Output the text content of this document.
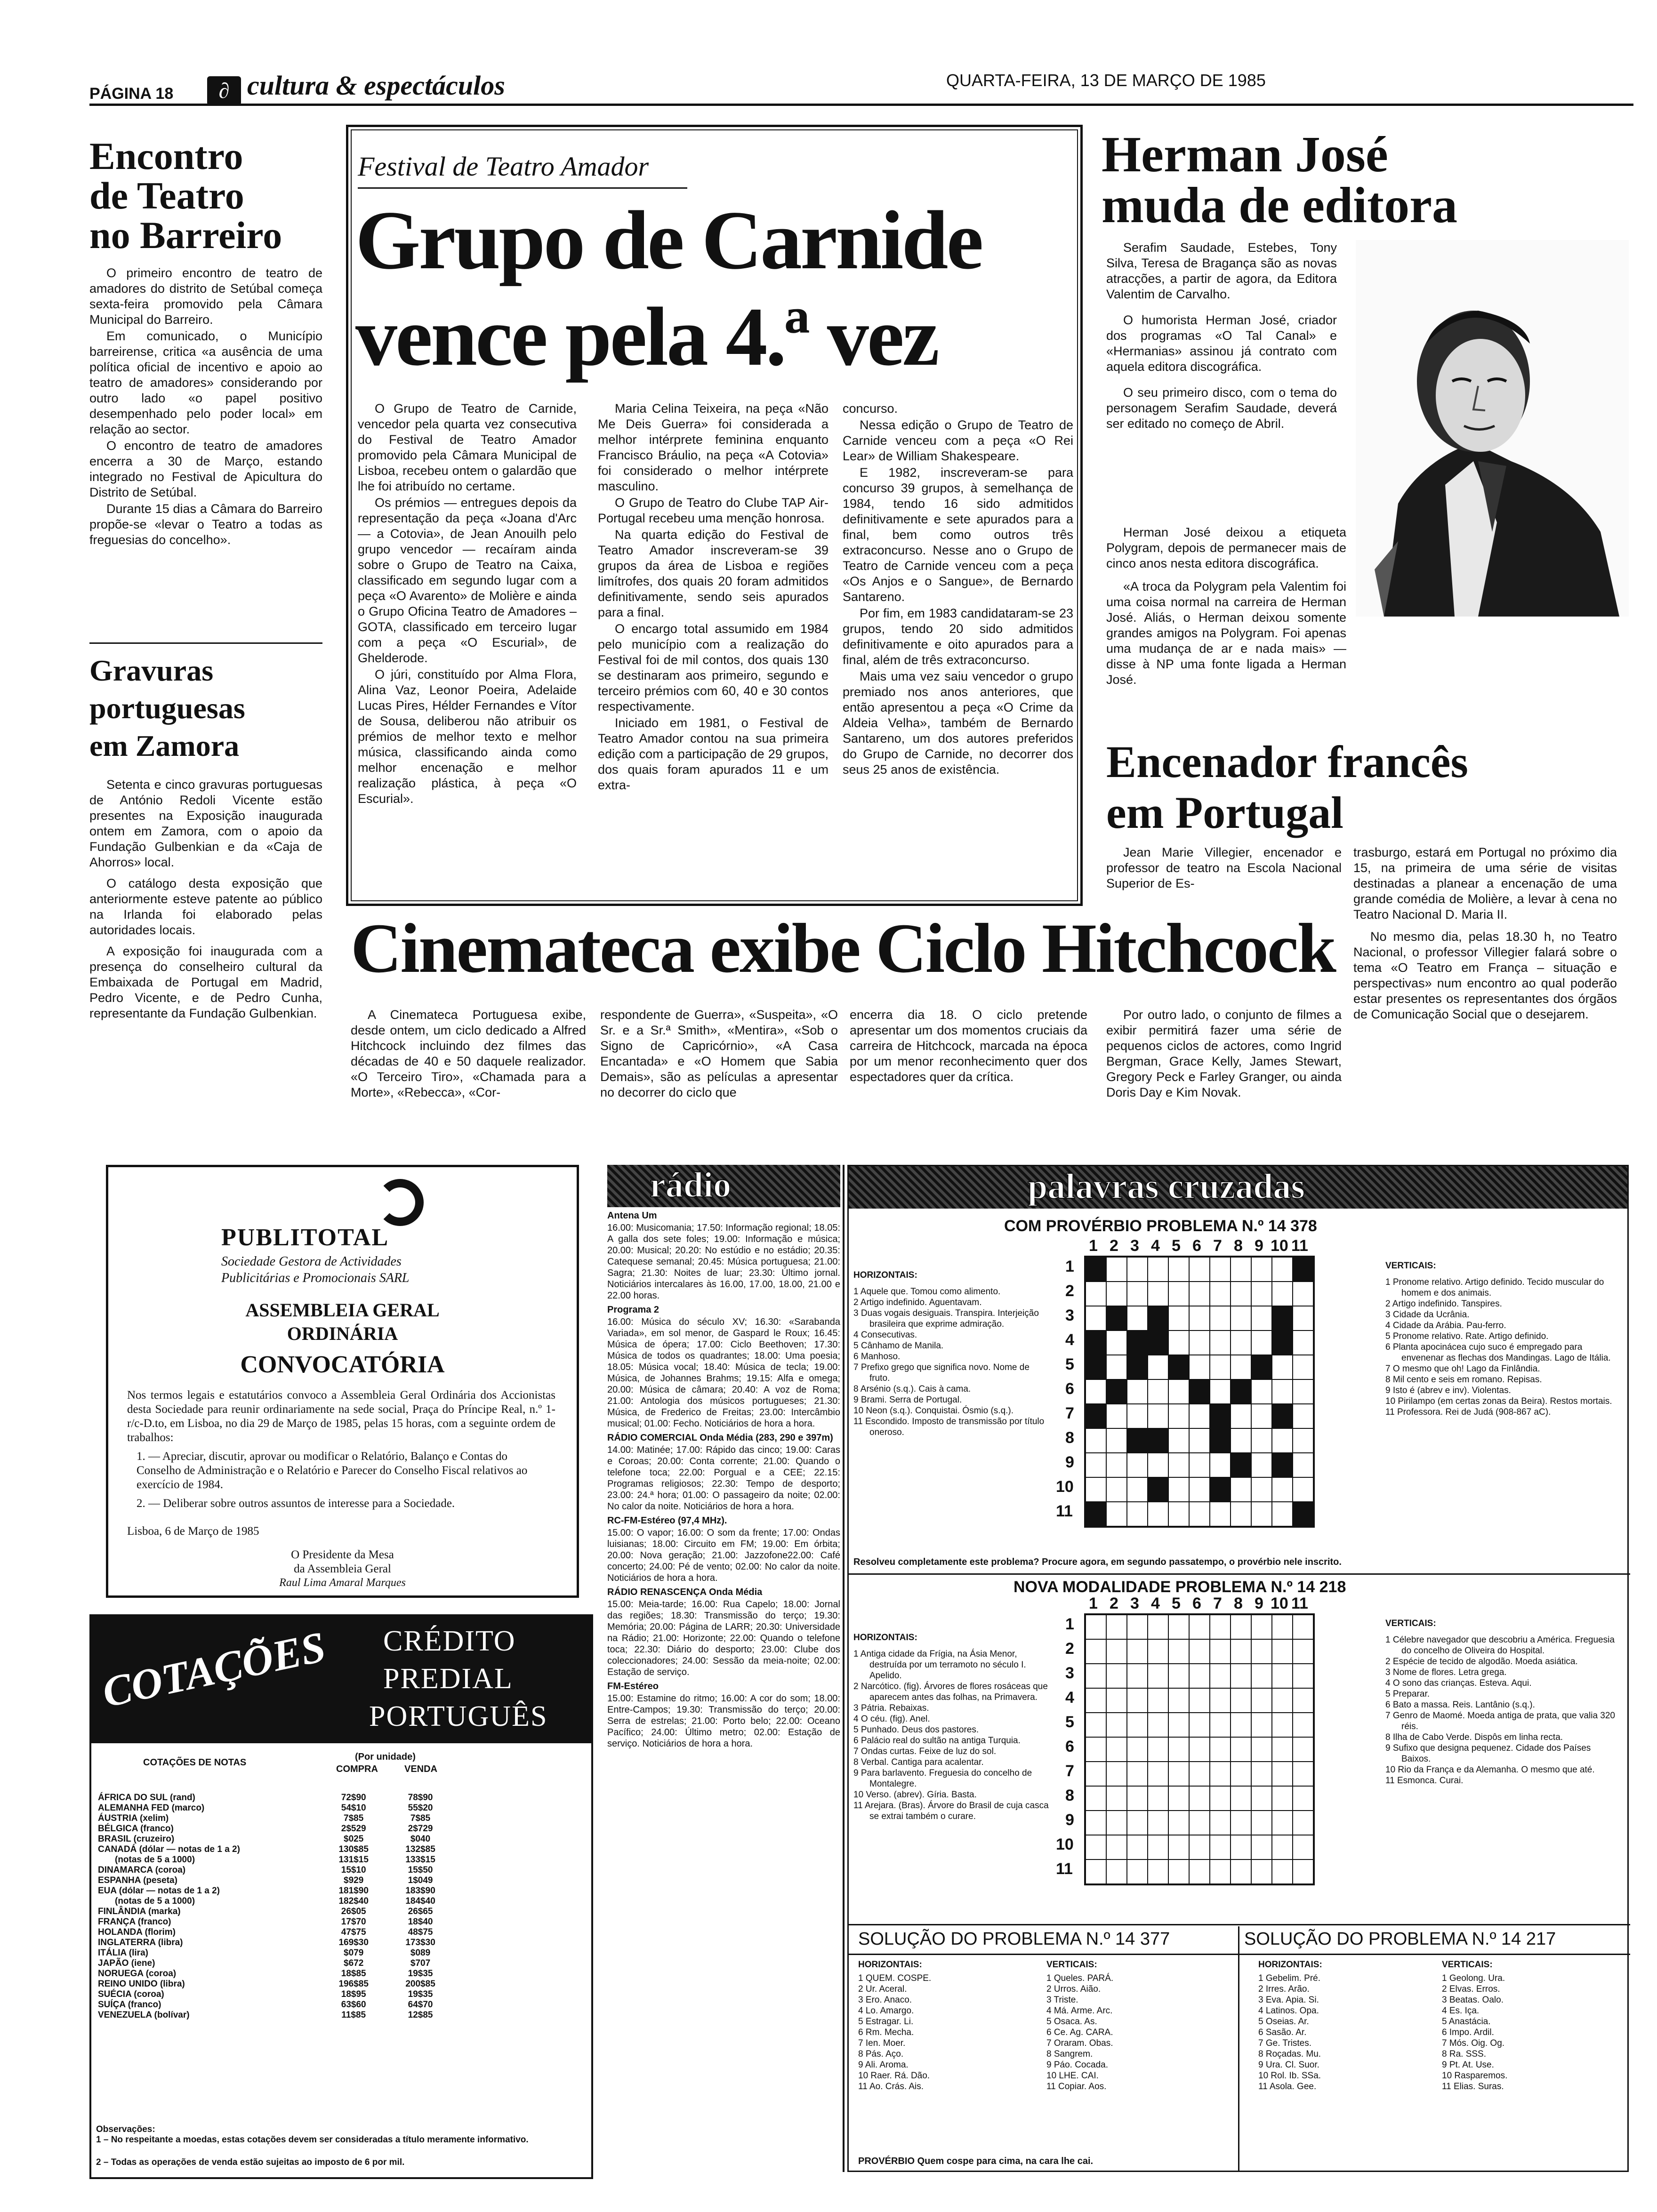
PÁGINA 18	∂ cultura & espectáculos	QUARTA-FEIRA, 13 DE MARÇO DE 1985
Encontro
de Teatro
no Barreiro

O primeiro encontro de teatro de amadores do distrito de Setúbal começa sexta-feira promovido pela Câmara Municipal do Barreiro.

Em comunicado, o Município barreirense, critica «a ausência de uma política oficial de incentivo e apoio ao teatro de amadores» considerando por outro lado «o papel positivo desempenhado pelo poder local» em relação ao sector.

O encontro de teatro de amadores encerra a 30 de Março, estando integrado no Festival de Apicultura do Distrito de Setúbal.

Durante 15 dias a Câmara do Barreiro propõe-se «levar o Teatro a todas as freguesias do concelho».

Gravuras
portuguesas
em Zamora

Setenta e cinco gravuras portuguesas de António Redoli Vicente estão presentes na Exposição inaugurada ontem em Zamora, com o apoio da Fundação Gulbenkian e da «Caja de Ahorros» local.

O catálogo desta exposição que anteriormente esteve patente ao público na Irlanda foi elaborado pelas autoridades locais.

A exposição foi inaugurada com a presença do conselheiro cultural da Embaixada de Portugal em Madrid, Pedro Vicente, e de Pedro Cunha, representante da Fundação Gulbenkian.

Festival de Teatro Amador
Grupo de Carnide
vence pela 4.ª vez

O Grupo de Teatro de Carnide, vencedor pela quarta vez consecutiva do Festival de Teatro Amador promovido pela Câmara Municipal de Lisboa, recebeu ontem o galardão que lhe foi atribuído no certame.

Os prémios — entregues depois da representação da peça «Joana d'Arc — a Cotovia», de Jean Anouilh pelo grupo vencedor — recaíram ainda sobre o Grupo de Teatro na Caixa, classificado em segundo lugar com a peça «O Avarento» de Molière e ainda o Grupo Oficina Teatro de Amadores – GOTA, classificado em terceiro lugar com a peça «O Escurial», de Ghelderode.

O júri, constituído por Alma Flora, Alina Vaz, Leonor Poeira, Adelaide Lucas Pires, Hélder Fernandes e Vítor de Sousa, deliberou não atribuir os prémios de melhor texto e melhor música, classificando ainda como melhor encenação e melhor realização plástica, à peça «O Escurial».

Maria Celina Teixeira, na peça «Não Me Deis Guerra» foi considerada a melhor intérprete feminina enquanto Francisco Bráulio, na peça «A Cotovia» foi considerado o melhor intérprete masculino.

O Grupo de Teatro do Clube TAP Air-Portugal recebeu uma menção honrosa.

Na quarta edição do Festival de Teatro Amador inscreveram-se 39 grupos da área de Lisboa e regiões limítrofes, dos quais 20 foram admitidos definitivamente, sendo seis apurados para a final.

O encargo total assumido em 1984 pelo município com a realização do Festival foi de mil contos, dos quais 130 se destinaram aos primeiro, segundo e terceiro prémios com 60, 40 e 30 contos respectivamente.

Iniciado em 1981, o Festival de Teatro Amador contou na sua primeira edição com a participação de 29 grupos, dos quais foram apurados 11 e um extra-

concurso.

Nessa edição o Grupo de Teatro de Carnide venceu com a peça «O Rei Lear» de William Shakespeare.

E 1982, inscreveram-se para concurso 39 grupos, à semelhança de 1984, tendo 16 sido admitidos definitivamente e sete apurados para a final, bem como outros três extraconcurso. Nesse ano o Grupo de Teatro de Carnide venceu com a peça «Os Anjos e o Sangue», de Bernardo Santareno.

Por fim, em 1983 candidataram-se 23 grupos, tendo 20 sido admitidos definitivamente e oito apurados para a final, além de três extraconcurso.

Mais uma vez saiu vencedor o grupo premiado nos anos anteriores, que então apresentou a peça «O Crime da Aldeia Velha», também de Bernardo Santareno, um dos autores preferidos do Grupo de Carnide, no decorrer dos seus 25 anos de existência.

Herman José
muda de editora

Serafim Saudade, Estebes, Tony Silva, Teresa de Bragança são as novas atracções, a partir de agora, da Editora Valentim de Carvalho.

O humorista Herman José, criador dos programas «O Tal Canal» e «Hermanias» assinou já contrato com aquela editora discográfica.

O seu primeiro disco, com o tema do personagem Serafim Saudade, deverá ser editado no começo de Abril.

Herman José deixou a etiqueta Polygram, depois de permanecer mais de cinco anos nesta editora discográfica.

«A troca da Polygram pela Valentim foi uma coisa normal na carreira de Herman José. Aliás, o Herman deixou somente grandes amigos na Polygram. Foi apenas uma mudança de ar e nada mais» — disse à NP uma fonte ligada a Herman José.

Encenador francês
em Portugal

Jean Marie Villegier, encenador e professor de teatro na Escola Nacional Superior de Es-

trasburgo, estará em Portugal no próximo dia 15, na primeira de uma série de visitas destinadas a planear a encenação de uma grande comédia de Molière, a levar à cena no Teatro Nacional D. Maria II.

No mesmo dia, pelas 18.30 h, no Teatro Nacional, o professor Villegier falará sobre o tema «O Teatro em França – situação e perspectivas» num encontro ao qual poderão estar presentes os representantes dos órgãos de Comunicação Social que o desejarem.

Cinemateca exibe Ciclo Hitchcock

A Cinemateca Portuguesa exibe, desde ontem, um ciclo dedicado a Alfred Hitchcock incluindo dez filmes das décadas de 40 e 50 daquele realizador. «O Terceiro Tiro», «Chamada para a Morte», «Rebecca», «Cor-

respondente de Guerra», «Suspeita», «O Sr. e a Sr.ª Smith», «Mentira», «Sob o Signo de Capricórnio», «A Casa Encantada» e «O Homem que Sabia Demais», são as películas a apresentar no decorrer do ciclo que

encerra dia 18. O ciclo pretende apresentar um dos momentos cruciais da carreira de Hitchcock, marcada na época por um menor reconhecimento quer dos espectadores quer da crítica.

Por outro lado, o conjunto de filmes a exibir permitirá fazer uma série de pequenos ciclos de actores, como Ingrid Bergman, Grace Kelly, James Stewart, Gregory Peck e Farley Granger, ou ainda Doris Day e Kim Novak.

PUBLITOTAL
Sociedade Gestora de Actividades
Publicitárias e Promocionais SARL
ASSEMBLEIA GERAL
ORDINÁRIA
CONVOCATÓRIA
Nos termos legais e estatutários convoco a Assembleia Geral Ordinária dos Accionistas desta Sociedade para reunir ordinariamente na sede social, Praça do Príncipe Real, n.º 1-r/c-D.to, em Lisboa, no dia 29 de Março de 1985, pelas 15 horas, com a seguinte ordem de trabalhos:
1. — Apreciar, discutir, aprovar ou modificar o Relatório, Balanço e Contas do Conselho de Administração e o Relatório e Parecer do Conselho Fiscal relativos ao exercício de 1984.
2. — Deliberar sobre outros assuntos de interesse para a Sociedade.
Lisboa, 6 de Março de 1985
O Presidente da Mesa
da Assembleia Geral
Raul Lima Amaral Marques
COTAÇÕES CRÉDITO
PREDIAL
PORTUGUÊS
COTAÇÕES DE NOTAS
(Por unidade)
COMPRA	VENDA
ÁFRICA DO SUL (rand)	72$90	78$90
ALEMANHA FED (marco)	54$10	55$20
ÁUSTRIA (xelim)	7$85	7$85
BÉLGICA (franco)	2$529	2$729
BRASIL (cruzeiro)	$025	$040
CANADÁ (dólar — notas de 1 a 2)	130$85	132$85
(notas de 5 a 1000)	131$15	133$15
DINAMARCA (coroa)	15$10	15$50
ESPANHA (peseta)	$929	1$049
EUA (dólar — notas de 1 a 2)	181$90	183$90
(notas de 5 a 1000)	182$40	184$40
FINLÂNDIA (marka)	26$05	26$65
FRANÇA (franco)	17$70	18$40
HOLANDA (florim)	47$75	48$75
INGLATERRA (libra)	169$30	173$30
ITÁLIA (lira)	$079	$089
JAPÃO (iene)	$672	$707
NORUEGA (coroa)	18$85	19$35
REINO UNIDO (libra)	196$85	200$85
SUÉCIA (coroa)	18$95	19$35
SUÍÇA (franco)	63$60	64$70
VENEZUELA (bolívar)	11$85	12$85
Observações:
1 – No respeitante a moedas, estas cotações devem ser consideradas a título meramente informativo.
2 – Todas as operações de venda estão sujeitas ao imposto de 6 por mil.
rádio
Antena Um

16.00: Musicomania; 17.50: Informação regional; 18.05: A galla dos sete foles; 19.00: Informação e música; 20.00: Musical; 20.20: No estúdio e no estádio; 20.35: Catequese semanal; 20.45: Música portuguesa; 21.00: Sagra; 21.30: Noites de luar; 23.30: Último jornal. Noticiários intercalares às 16.00, 17.00, 18.00, 21.00 e 22.00 horas.

Programa 2

16.00: Música do século XV; 16.30: «Sarabanda Variada», em sol menor, de Gaspard le Roux; 16.45: Música de ópera; 17.00: Ciclo Beethoven; 17.30: Música de todos os quadrantes; 18.00: Uma poesia; 18.05: Música vocal; 18.40: Música de tecla; 19.00: Música, de Johannes Brahms; 19.15: Alfa e omega; 20.00: Música de câmara; 20.40: A voz de Roma; 21.00: Antologia dos músicos portugueses; 21.30: Música, de Frederico de Freitas; 23.00: Intercâmbio musical; 01.00: Fecho. Noticiários de hora a hora.

RÁDIO COMERCIAL Onda Média (283, 290 e 397m)

14.00: Matinée; 17.00: Rápido das cinco; 19.00: Caras e Coroas; 20.00: Conta corrente; 21.00: Quando o telefone toca; 22.00: Porgual e a CEE; 22.15: Programas religiosos; 22.30: Tempo de desporto; 23.00: 24.ª hora; 01.00: O passageiro da noite; 02.00: No calor da noite. Noticiários de hora a hora.

RC-FM-Estéreo (97,4 MHz).

15.00: O vapor; 16.00: O som da frente; 17.00: Ondas luisianas; 18.00: Circuito em FM; 19.00: Em órbita; 20.00: Nova geração; 21.00: Jazzofone22.00: Café concerto; 24.00: Pé de vento; 02.00: No calor da noite. Noticiários de hora a hora.

RÁDIO RENASCENÇA Onda Média

15.00: Meia-tarde; 16.00: Rua Capelo; 18.00: Jornal das regiões; 18.30: Transmissão do terço; 19.30: Memória; 20.00: Página de LARR; 20.30: Universidade na Rádio; 21.00: Horizonte; 22.00: Quando o telefone toca; 22.30: Diário do desporto; 23.00: Clube dos coleccionadores; 24.00: Sessão da meia-noite; 02.00: Estação de serviço.

FM-Estéreo

15.00: Estamine do ritmo; 16.00: A cor do som; 18.00: Entre-Campos; 19.30: Transmissão do terço; 20.00: Serra de estrelas; 21.00: Porto belo; 22.00: Oceano Pacífico; 24.00: Último metro; 02.00: Estação de serviço. Noticiários de hora a hora.

palavras cruzadas
COM PROVÉRBIO PROBLEMA N.º 14 378
HORIZONTAIS:
1 Aquele que. Tomou como alimento.
2 Artigo indefinido. Aguentavam.
3 Duas vogais desiguais. Transpira. Interjeição brasileira que exprime admiração.
4 Consecutivas.
5 Cânhamo de Manila.
6 Manhoso.
7 Prefixo grego que significa novo. Nome de fruto.
8 Arsénio (s.q.). Cais à cama.
9 Brami. Serra de Portugal.
10 Neon (s.q.). Conquistai. Ósmio (s.q.).
11 Escondido. Imposto de transmissão por título oneroso.
1 2 3 4 5 6 7 8 9 10 11
1
2
3
4
5
6
7
8
9
10
11
VERTICAIS:
1 Pronome relativo. Artigo definido. Tecido muscular do homem e dos animais.
2 Artigo indefinido. Tanspires.
3 Cidade da Ucrânia.
4 Cidade da Arábia. Pau-ferro.
5 Pronome relativo. Rate. Artigo definido.
6 Planta apocinácea cujo suco é empregado para envenenar as flechas dos Mandingas. Lago de Itália.
7 O mesmo que oh! Lago da Finlândia.
8 Mil cento e seis em romano. Repisas.
9 Isto é (abrev e inv). Violentas.
10 Pirilampo (em certas zonas da Beira). Restos mortais.
11 Professora. Rei de Judá (908-867 aC).
Resolveu completamente este problema? Procure agora, em segundo passatempo, o provérbio nele inscrito.
NOVA MODALIDADE PROBLEMA N.º 14 218
HORIZONTAIS:
1 Antiga cidade da Frígia, na Ásia Menor, destruída por um terramoto no século I. Apelido.
2 Narcótico. (fig). Árvores de flores rosáceas que aparecem antes das folhas, na Primavera.
3 Pátria. Rebaixas.
4 O céu. (fig). Anel.
5 Punhado. Deus dos pastores.
6 Palácio real do sultão na antiga Turquia.
7 Ondas curtas. Feixe de luz do sol.
8 Verbal. Cantiga para acalentar.
9 Para barlavento. Freguesia do concelho de Montalegre.
10 Verso. (abrev). Gíria. Basta.
11 Arejara. (Bras). Árvore do Brasil de cuja casca se extrai também o curare.
1 2 3 4 5 6 7 8 9 10 11
1
2
3
4
5
6
7
8
9
10
11
VERTICAIS:
1 Célebre navegador que descobriu a América. Freguesia do concelho de Oliveira do Hospital.
2 Espécie de tecido de algodão. Moeda asiática.
3 Nome de flores. Letra grega.
4 O sono das crianças. Esteva. Aqui.
5 Preparar.
6 Bato a massa. Reis. Lantânio (s.q.).
7 Genro de Maomé. Moeda antiga de prata, que valia 320 réis.
8 Ilha de Cabo Verde. Dispôs em linha recta.
9 Sufixo que designa pequenez. Cidade dos Países Baixos.
10 Rio da França e da Alemanha. O mesmo que até.
11 Esmonca. Curai.
SOLUÇÃO DO PROBLEMA N.º 14 377
HORIZONTAIS:
1 QUEM. COSPE.
2 Ur. Aceral.
3 Ero. Anaco.
4 Lo. Amargo.
5 Estragar. Li.
6 Rm. Mecha.
7 Ien. Moer.
8 Pás. Aço.
9 Ali. Aroma.
10 Raer. Rá. Dão.
11 Ao. Crás. Ais.
VERTICAIS:
1 Queles. PARÁ.
2 Urros. Aião.
3 Triste.
4 Má. Arme. Arc.
5 Osaca. As.
6 Ce. Ag. CARA.
7 Oraram. Obas.
8 Sangrem.
9 Páo. Cocada.
10 LHE. CAI.
11 Copiar. Aos.
PROVÉRBIO Quem cospe para cima, na cara lhe cai.
SOLUÇÃO DO PROBLEMA N.º 14 217
HORIZONTAIS:
1 Gebelim. Pré.
2 Irres. Arão.
3 Eva. Apia. Si.
4 Latinos. Opa.
5 Oseias. Ar.
6 Sasão. Ar.
7 Ge. Tristes.
8 Roçadas. Mu.
9 Ura. Cl. Suor.
10 Rol. Ib. SSa.
11 Asola. Gee.
VERTICAIS:
1 Geolong. Ura.
2 Elvas. Erros.
3 Beatas. Oalo.
4 Es. Iça.
5 Anastácia.
6 Impo. Ardil.
7 Mós. Oig. Og.
8 Ra. SSS.
9 Pt. At. Use.
10 Rasparemos.
11 Elias. Suras.
